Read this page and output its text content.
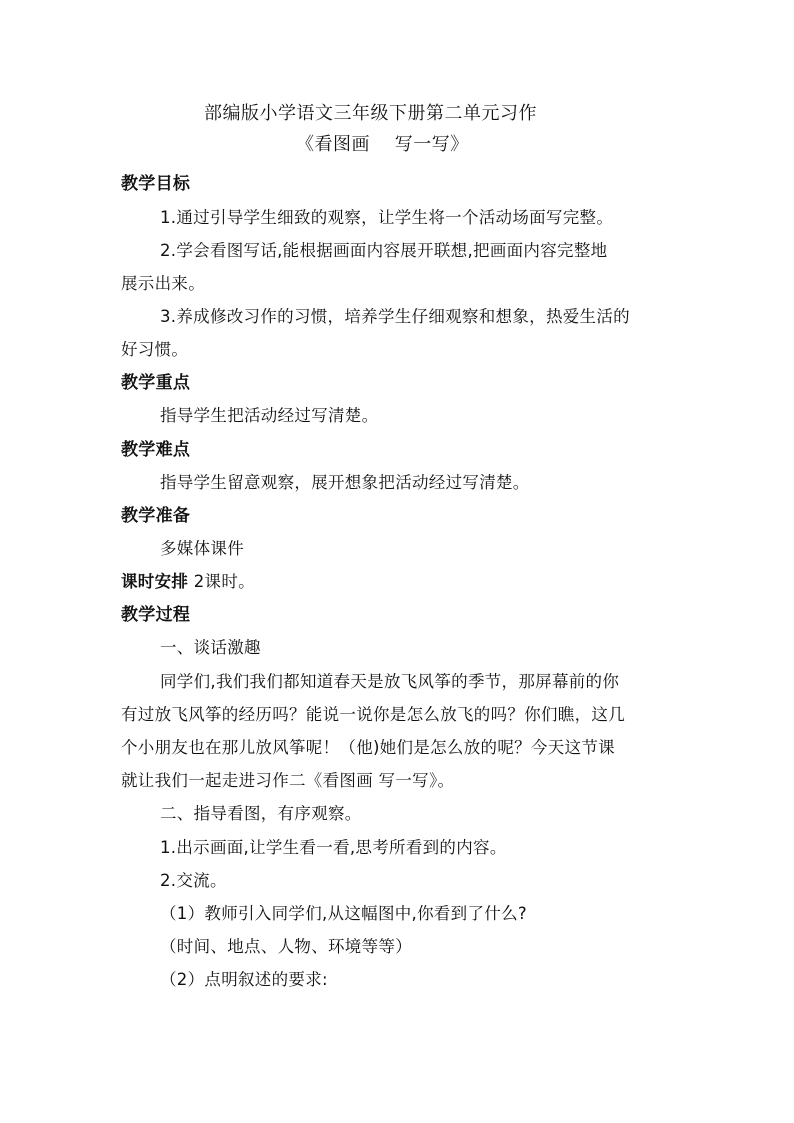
部编版小学语文三年级下册第二单元习作
《看图画　 写一写》
教学目标
1.通过引导学生细致的观察，让学生将一个活动场面写完整。
2.学会看图写话,能根据画面内容展开联想,把画面内容完整地
展示出来。
3.养成修改习作的习惯，培养学生仔细观察和想象，热爱生活的
好习惯。
教学重点
指导学生把活动经过写清楚。
教学难点
指导学生留意观察，展开想象把活动经过写清楚。
教学准备
多媒体课件
课时安排 2课时。
教学过程
一、谈话激趣
同学们,我们我们都知道春天是放飞风筝的季节，那屏幕前的你
有过放飞风筝的经历吗？能说一说你是怎么放飞的吗？你们瞧，这几
个小朋友也在那儿放风筝呢！（他)她们是怎么放的呢？今天这节课
就让我们一起走进习作二《看图画 写一写》。
二、指导看图，有序观察。
1.出示画面,让学生看一看,思考所看到的内容。
2.交流。
（1）教师引入同学们,从这幅图中,你看到了什么?
（时间、地点、人物、环境等等）
（2）点明叙述的要求:
